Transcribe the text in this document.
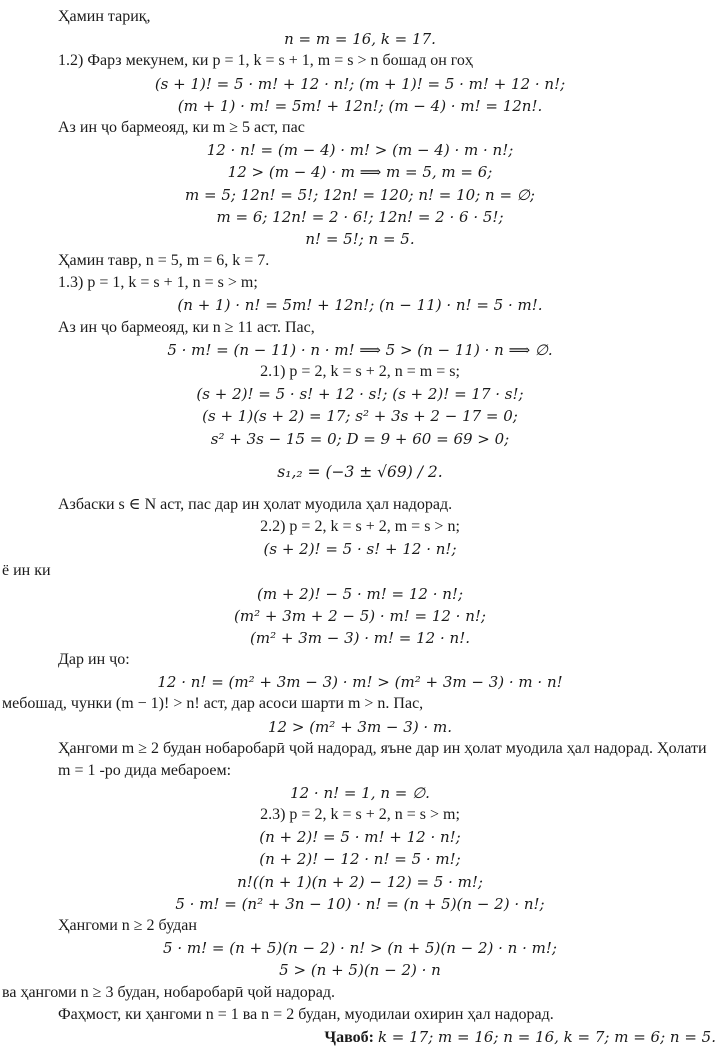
Ҳамин тариқ,
n = m = 16, k = 17.
1.2) Фарз мекунем, ки p = 1, k = s + 1, m = s > n бошад он гоҳ
(s + 1)! = 5 · m! + 12 · n!; (m + 1)! = 5 · m! + 12 · n!;
(m + 1) · m! = 5m! + 12n!; (m − 4) · m! = 12n!.
Аз ин ҷо бармеояд, ки m ≥ 5 аст, пас
12 · n! = (m − 4) · m! > (m − 4) · m · n!;
12 > (m − 4) · m ⟹ m = 5, m = 6;
m = 5; 12n! = 5!; 12n! = 120; n! = 10; n = ∅;
m = 6; 12n! = 2 · 6!; 12n! = 2 · 6 · 5!;
n! = 5!; n = 5.
Ҳамин тавр, n = 5, m = 6, k = 7.
1.3) p = 1, k = s + 1, n = s > m;
(n + 1) · n! = 5m! + 12n!; (n − 11) · n! = 5 · m!.
Аз ин ҷо бармеояд, ки n ≥ 11 аст. Пас,
5 · m! = (n − 11) · n · m! ⟹ 5 > (n − 11) · n ⟹ ∅.
2.1) p = 2, k = s + 2, n = m = s;
(s + 2)! = 5 · s! + 12 · s!; (s + 2)! = 17 · s!;
(s + 1)(s + 2) = 17; s² + 3s + 2 − 17 = 0;
s² + 3s − 15 = 0; D = 9 + 60 = 69 > 0;
s₁,₂ = (−3 ± √69) / 2.
Азбаски s ∈ N аст, пас дар ин ҳолат муодила ҳал надорад.
2.2) p = 2, k = s + 2, m = s > n;
(s + 2)! = 5 · s! + 12 · n!;
ё ин ки
(m + 2)! − 5 · m! = 12 · n!;
(m² + 3m + 2 − 5) · m! = 12 · n!;
(m² + 3m − 3) · m! = 12 · n!.
Дар ин ҷо:
12 · n! = (m² + 3m − 3) · m! > (m² + 3m − 3) · m · n!
мебошад, чунки (m − 1)! > n! аст, дар асоси шарти m > n. Пас,
12 > (m² + 3m − 3) · m.
Ҳангоми m ≥ 2 будан нобаробарӣ ҷой надорад, яъне дар ин ҳолат муодила ҳал надорад. Ҳолати m = 1 -ро дида мебароем:
12 · n! = 1, n = ∅.
2.3) p = 2, k = s + 2, n = s > m;
(n + 2)! = 5 · m! + 12 · n!;
(n + 2)! − 12 · n! = 5 · m!;
n!((n + 1)(n + 2) − 12) = 5 · m!;
5 · m! = (n² + 3n − 10) · n! = (n + 5)(n − 2) · n!;
Ҳангоми n ≥ 2 будан
5 · m! = (n + 5)(n − 2) · n! > (n + 5)(n − 2) · n · m!;
5 > (n + 5)(n − 2) · n
ва ҳангоми n ≥ 3 будан, нобаробарӣ ҷой надорад.
Фаҳмост, ки ҳангоми n = 1 ва n = 2 будан, муодилаи охирин ҳал надорад.
Ҷавоб: k = 17; m = 16; n = 16, k = 7; m = 6; n = 5.
